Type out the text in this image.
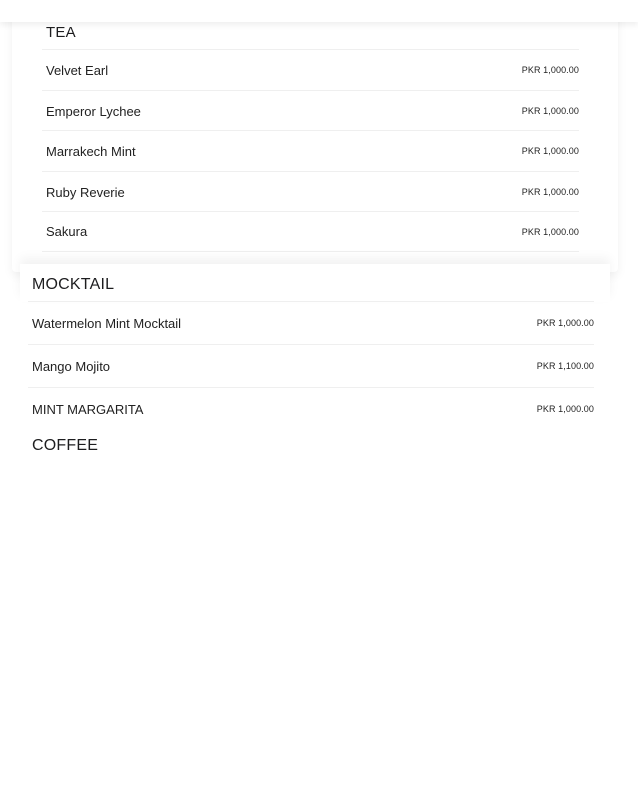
TEA
Velvet Earl	PKR 1,000.00
Emperor Lychee	PKR 1,000.00
Marrakech Mint	PKR 1,000.00
Ruby Reverie	PKR 1,000.00
Sakura	PKR 1,000.00
MOCKTAIL
Watermelon Mint Mocktail	PKR 1,000.00
Mango Mojito	PKR 1,100.00
MINT MARGARITA	PKR 1,000.00
COFFEE
